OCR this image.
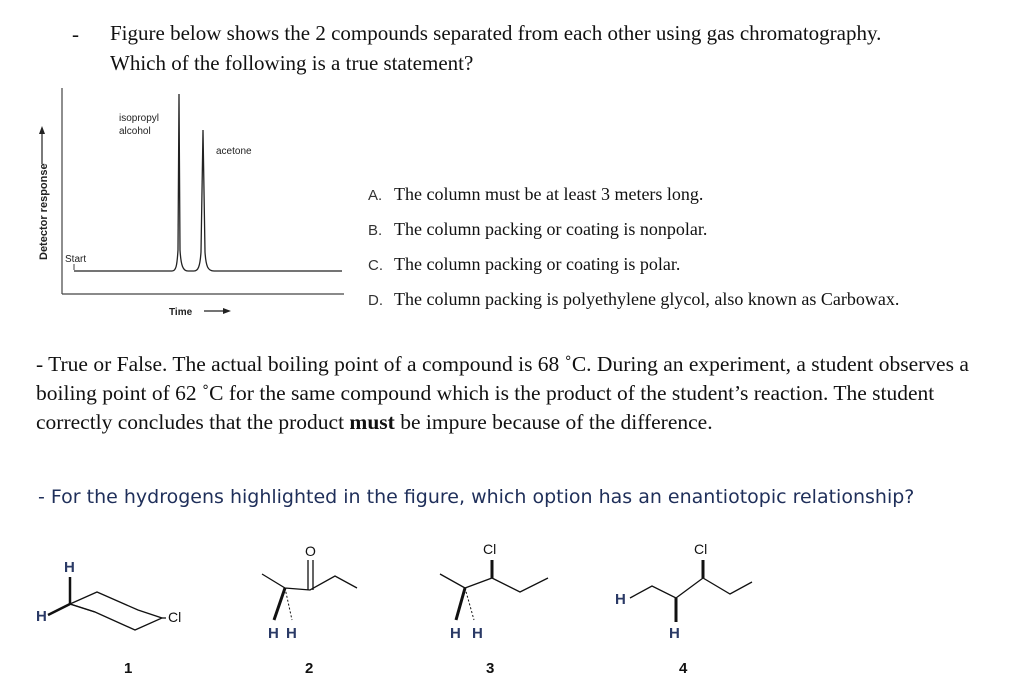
- Figure below shows the 2 compounds separated from each other using gas chromatography. Which of the following is a true statement?
Detector response Start
isopropyl
alcohol
acetone
Time
A. The column must be at least 3 meters long.
B. The column packing or coating is nonpolar.
C. The column packing or coating is polar.
D. The column packing is polyethylene glycol, also known as Carbowax.
- True or False. The actual boiling point of a compound is 68 ˚C. During an experiment, a student observes a boiling point of 62 ˚C for the same compound which is the product of the student’s reaction. The student correctly concludes that the product must be impure because of the difference.
- For the hydrogens highlighted in the figure, which option has an enantiotopic relationship?
H
H	Cl
1
O
H H
2
Cl
H H
3
Cl
H
H
4
